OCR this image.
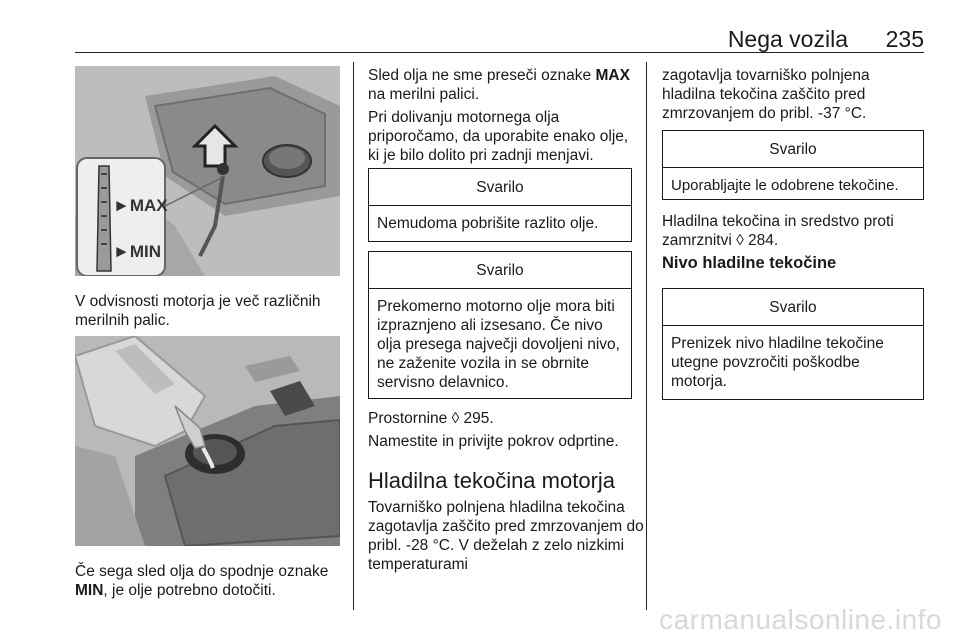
Nega vozila 235
►MAX
►MIN
V odvisnosti motorja je več različnih merilnih palic.
Če sega sled olja do spodnje oznake MIN, je olje potrebno dotočiti.
Sled olja ne sme preseči oznake MAX na merilni palici.
Pri dolivanju motornega olja priporočamo, da uporabite enako olje, ki je bilo dolito pri zadnji menjavi.
Svarilo
Nemudoma pobrišite razlito olje.
Svarilo
Prekomerno motorno olje mora biti izpraznjeno ali izsesano. Če nivo olja presega največji dovoljeni nivo, ne zaženite vozila in se obrnite servisno delavnico.
Prostornine ◊ 295.
Namestite in privijte pokrov odprtine.
Hladilna tekočina motorja
Tovarniško polnjena hladilna tekočina zagotavlja zaščito pred zmrzovanjem do pribl. -28 °C. V deželah z zelo nizkimi temperaturami
zagotavlja tovarniško polnjena hladilna tekočina zaščito pred zmrzovanjem do pribl. -37 °C.
Svarilo
Uporabljajte le odobrene tekočine.
Hladilna tekočina in sredstvo proti zamrznitvi ◊ 284.
Nivo hladilne tekočine
Svarilo
Prenizek nivo hladilne tekočine utegne povzročiti poškodbe motorja.
carmanualsonline.info
